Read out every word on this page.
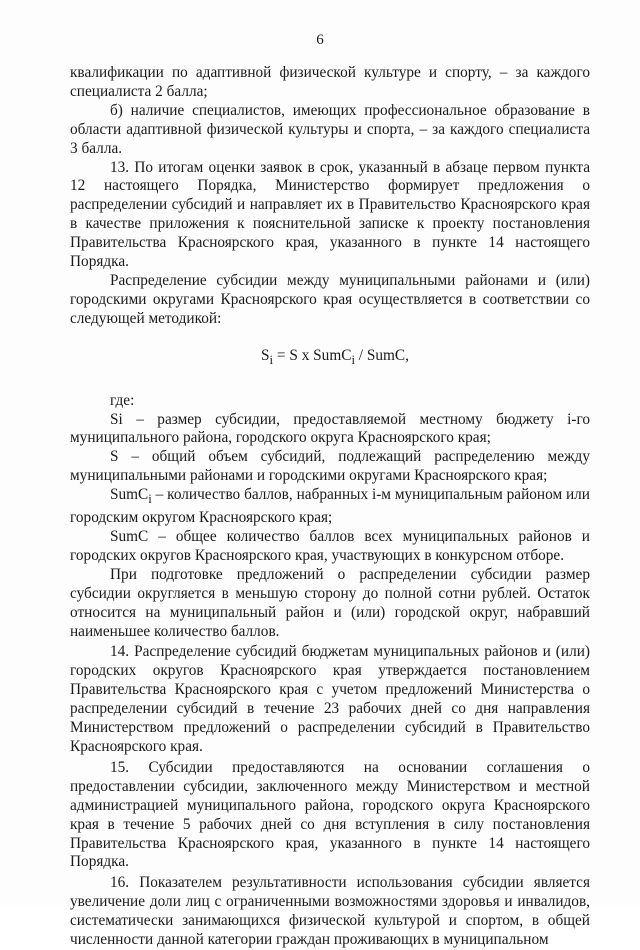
6

квалификации по адаптивной физической культуре и спорту, – за каждого специалиста 2 балла;

б) наличие специалистов, имеющих профессиональное образование в области адаптивной физической культуры и спорта, – за каждого специалиста 3 балла.

13. По итогам оценки заявок в срок, указанный в абзаце первом пункта 12 настоящего Порядка, Министерство формирует предложения о распределении субсидий и направляет их в Правительство Красноярского края в качестве приложения к пояснительной записке к проекту постановления Правительства Красноярского края, указанного в пункте 14 настоящего Порядка.

Распределение субсидии между муниципальными районами и (или) городскими округами Красноярского края осуществляется в соответствии со следующей методикой:

$S_i = S$ x SumC$_i$ / SumC,

где:

Si – размер субсидии, предоставляемой местному бюджету i-го муниципального района, городского округа Красноярского края;

S – общий объем субсидий, подлежащий распределению между муниципальными районами и городскими округами Красноярского края;

SumC$_i$ – количество баллов, набранных i-м муниципальным районом или городским округом Красноярского края;

SumC – общее количество баллов всех муниципальных районов и городских округов Красноярского края, участвующих в конкурсном отборе.

При подготовке предложений о распределении субсидии размер субсидии округляется в меньшую сторону до полной сотни рублей. Остаток относится на муниципальный район и (или) городской округ, набравший наименьшее количество баллов.

14. Распределение субсидий бюджетам муниципальных районов и (или) городских округов Красноярского края утверждается постановлением Правительства Красноярского края с учетом предложений Министерства о распределении субсидий в течение 23 рабочих дней со дня направления Министерством предложений о распределении субсидий в Правительство Красноярского края.

15. Субсидии предоставляются на основании соглашения о предоставлении субсидии, заключенного между Министерством и местной администрацией муниципального района, городского округа Красноярского края в течение 5 рабочих дней со дня вступления в силу постановления Правительства Красноярского края, указанного в пункте 14 настоящего Порядка.

16. Показателем результативности использования субсидии является увеличение доли лиц с ограниченными возможностями здоровья и инвалидов, систематически занимающихся физической культурой и спортом, в общей численности данной категории граждан проживающих в муниципальном
